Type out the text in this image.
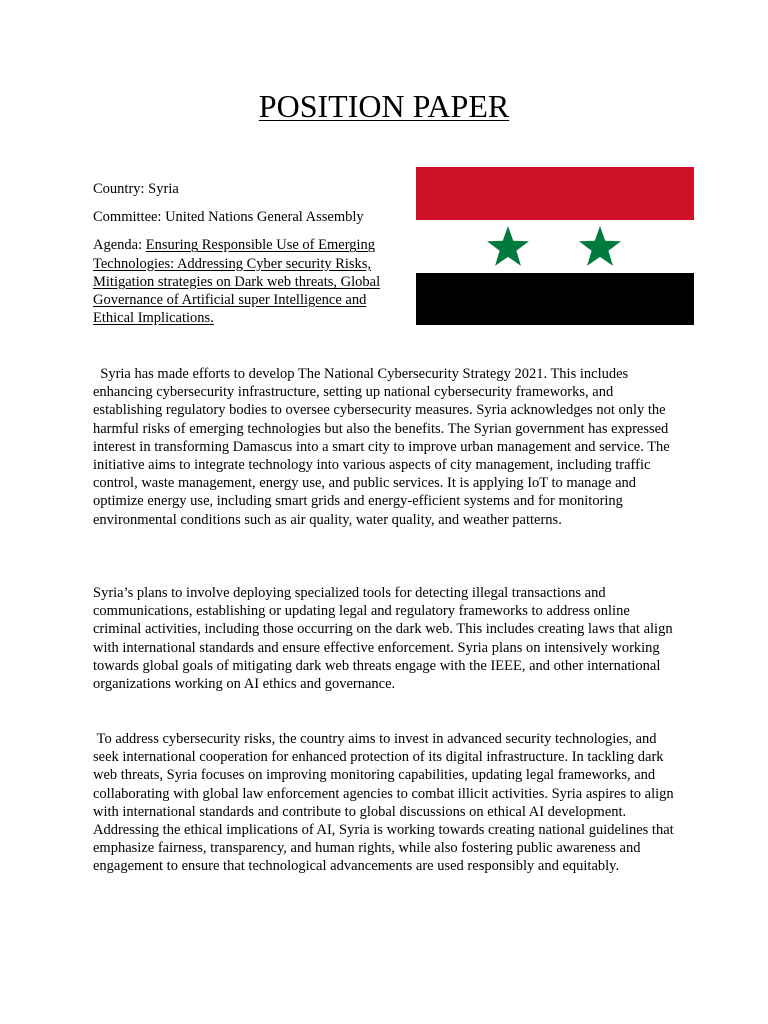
POSITION PAPER

Country: Syria

Committee: United Nations General Assembly

Agenda: Ensuring Responsible Use of Emerging Technologies: Addressing Cyber security Risks, Mitigation strategies on Dark web threats, Global Governance of Artificial super Intelligence and Ethical Implications.

Syria has made efforts to develop The National Cybersecurity Strategy 2021. This includes enhancing cybersecurity infrastructure, setting up national cybersecurity frameworks, and establishing regulatory bodies to oversee cybersecurity measures. Syria acknowledges not only the harmful risks of emerging technologies but also the benefits. The Syrian government has expressed interest in transforming Damascus into a smart city to improve urban management and service. The initiative aims to integrate technology into various aspects of city management, including traffic control, waste management, energy use, and public services. It is applying IoT to manage and optimize energy use, including smart grids and energy-efficient systems and for monitoring environmental conditions such as air quality, water quality, and weather patterns.

Syria’s plans to involve deploying specialized tools for detecting illegal transactions and communications, establishing or updating legal and regulatory frameworks to address online criminal activities, including those occurring on the dark web. This includes creating laws that align with international standards and ensure effective enforcement. Syria plans on intensively working towards global goals of mitigating dark web threats engage with the IEEE, and other international organizations working on AI ethics and governance.

To address cybersecurity risks, the country aims to invest in advanced security technologies, and seek international cooperation for enhanced protection of its digital infrastructure. In tackling dark web threats, Syria focuses on improving monitoring capabilities, updating legal frameworks, and collaborating with global law enforcement agencies to combat illicit activities. Syria aspires to align with international standards and contribute to global discussions on ethical AI development. Addressing the ethical implications of AI, Syria is working towards creating national guidelines that emphasize fairness, transparency, and human rights, while also fostering public awareness and engagement to ensure that technological advancements are used responsibly and equitably.
